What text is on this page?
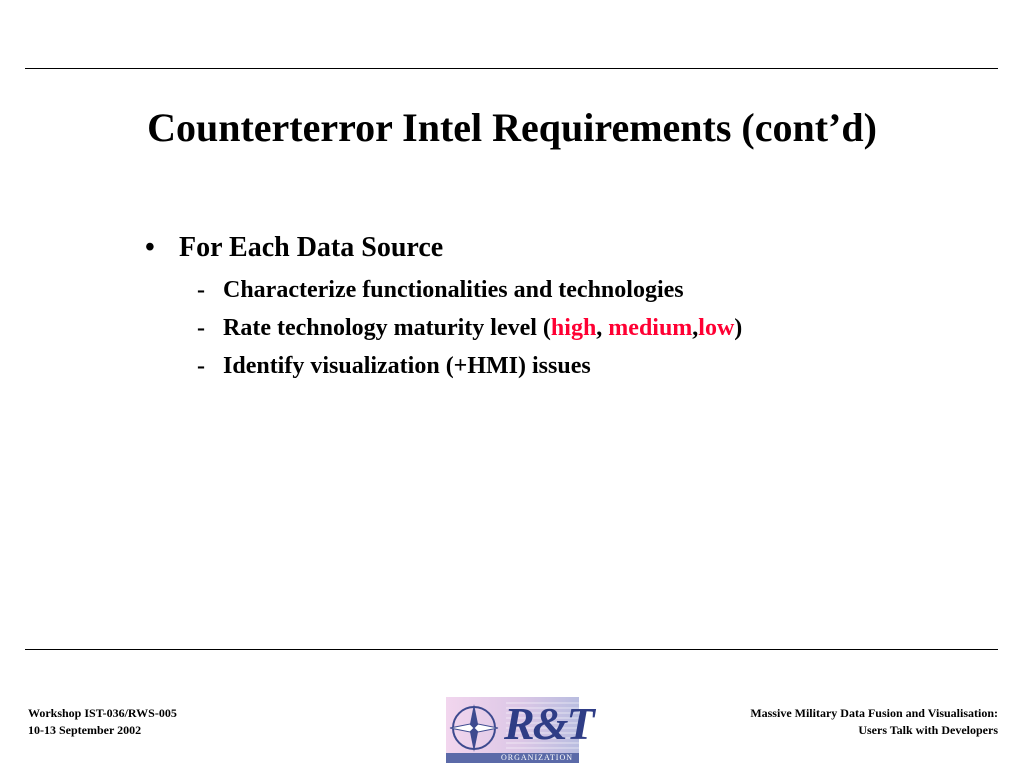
Counterterror Intel Requirements (cont’d)
• For Each Data Source
- Characterize functionalities and technologies
- Rate technology maturity level (high, medium,low)
- Identify visualization (+HMI) issues
Workshop IST-036/RWS-005
10-13 September 2002	R&T
ORGANIZATION
Massive Military Data Fusion and Visualisation:
Users Talk with Developers
